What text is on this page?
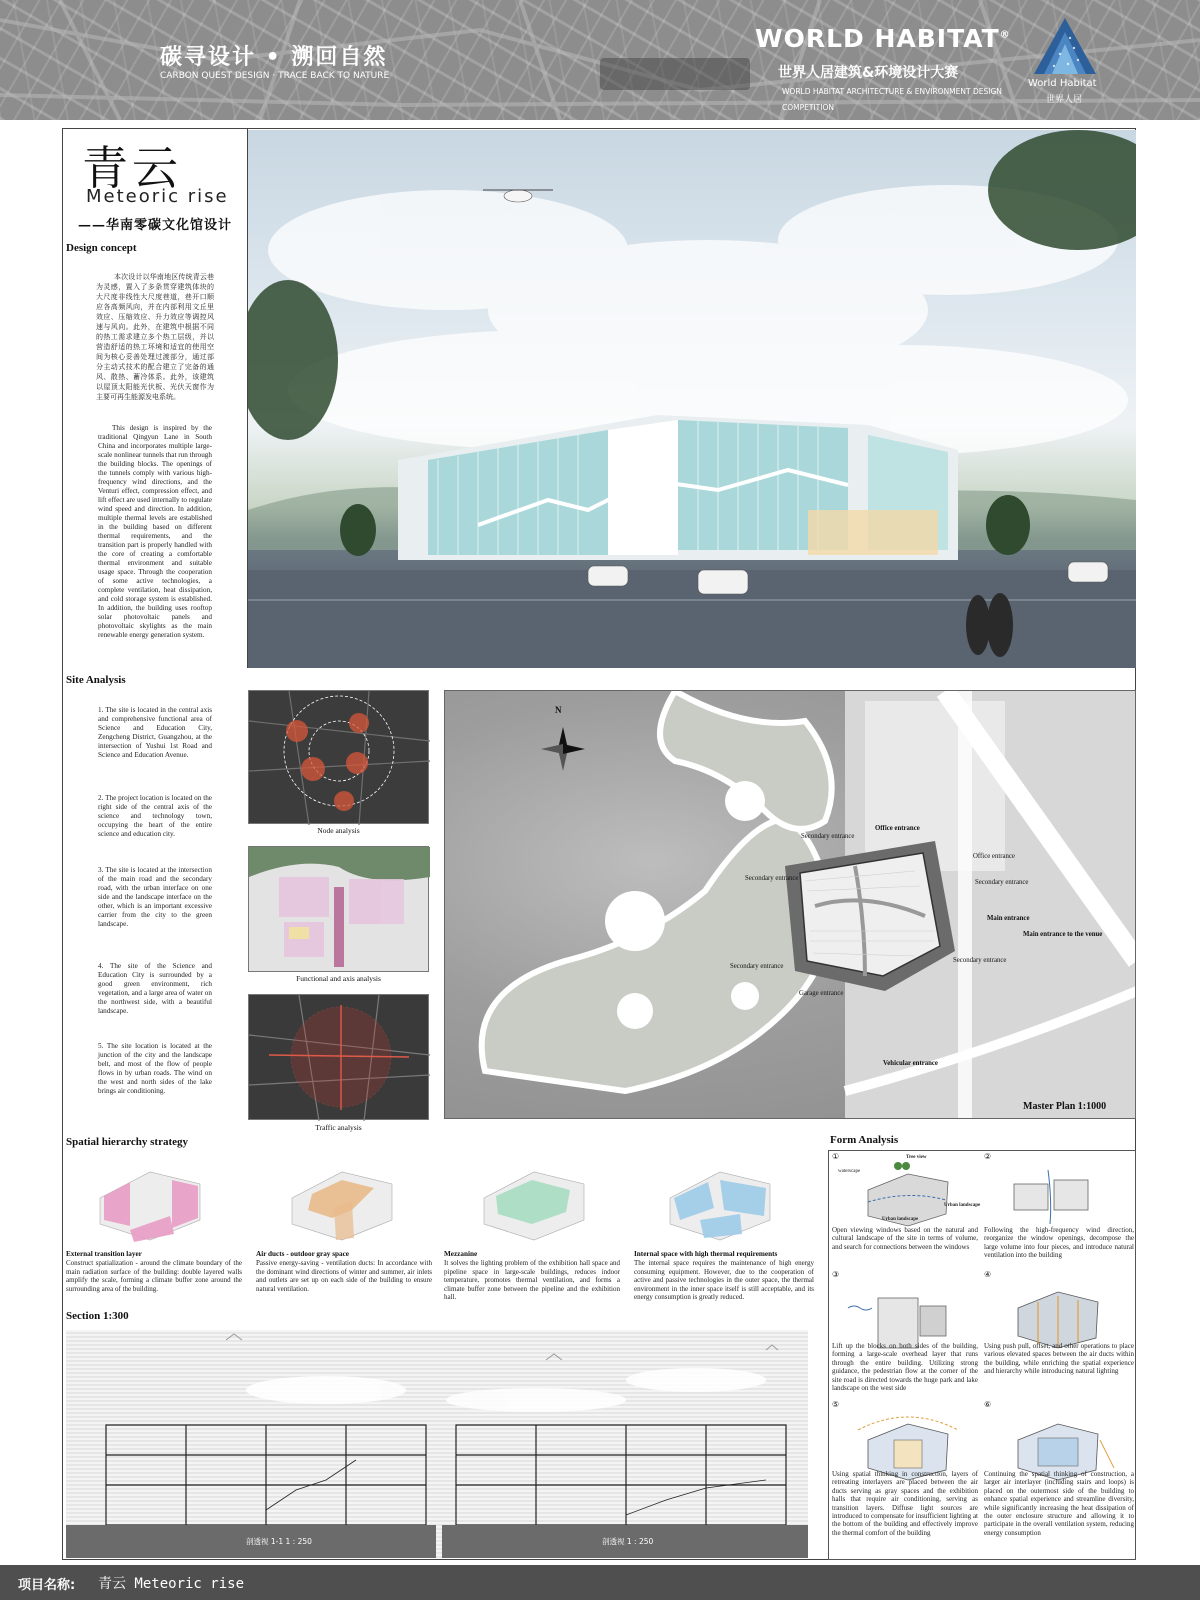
碳寻设计 • 溯回自然
CARBON QUEST DESIGN · TRACE BACK TO NATURE
WORLD HABITAT®
世界人居建筑&环境设计大赛
WORLD HABITAT ARCHITECTURE & ENVIRONMENT DESIGN COMPETITION
World Habitat
世界人居
青云
Meteoric rise
——华南零碳文化馆设计
Design concept
本次设计以华南地区传统青云巷为灵感，置入了多条贯穿建筑体块的大尺度非线性大尺度巷道，巷开口顺应各高频风向，并在内部利用文丘里效应、压缩效应、升力效应等调控风速与风向。此外，在建筑中根据不同的热工需求建立多个热工层级，并以营造舒适的热工环境和适宜的使用空间为核心妥善处理过渡部分，通过部分主动式技术的配合建立了完备的通风、散热、蓄冷体系。此外，该建筑以屋顶太阳能光伏板、光伏天窗作为主要可再生能源发电系统。
This design is inspired by the traditional Qingyun Lane in South China and incorporates multiple large-scale nonlinear tunnels that run through the building blocks. The openings of the tunnels comply with various high-frequency wind directions, and the Venturi effect, compression effect, and lift effect are used internally to regulate wind speed and direction. In addition, multiple thermal levels are established in the building based on different thermal requirements, and the transition part is properly handled with the core of creating a comfortable thermal environment and suitable usage space. Through the cooperation of some active technologies, a complete ventilation, heat dissipation, and cold storage system is established. In addition, the building uses rooftop solar photovoltaic panels and photovoltaic skylights as the main renewable energy generation system.
Site Analysis
1. The site is located in the central axis and comprehensive functional area of Science and Education City, Zengcheng District, Guangzhou, at the intersection of Yushui 1st Road and Science and Education Avenue.
2. The project location is located on the right side of the central axis of the science and technology town, occupying the heart of the entire science and education city.
3. The site is located at the intersection of the main road and the secondary road, with the urban interface on one side and the landscape interface on the other, which is an important excessive carrier from the city to the green landscape.
4. The site of the Science and Education City is surrounded by a good green environment, rich vegetation, and a large area of water on the northwest side, with a beautiful landscape.
5. The site location is located at the junction of the city and the landscape belt, and most of the flow of people flows in by urban roads. The wind on the west and north sides of the lake brings air conditioning.
Node analysis
Functional and axis analysis
Traffic analysis
N
Office entrance
Office entrance
Secondary entrance
Secondary entrance
Secondary entrance
Secondary entrance
Secondary entrance
Main entrance
Main entrance to the venue
Garage entrance
Vehicular entrance
Master Plan 1:1000
Spatial hierarchy strategy
External transition layer
Construct spatialization - around the climate boundary of the main radiation surface of the building: double layered walls amplify the scale, forming a climate buffer zone around the surrounding area of the building.
Air ducts - outdoor gray space
Passive energy-saving - ventilation ducts: In accordance with the dominant wind directions of winter and summer, air inlets and outlets are set up on each side of the building to ensure natural ventilation.
Mezzanine
It solves the lighting problem of the exhibition hall space and pipeline space in large-scale buildings, reduces indoor temperature, promotes thermal ventilation, and forms a climate buffer zone between the pipeline and the exhibition hall.
Internal space with high thermal requirements
The internal space requires the maintenance of high energy consuming equipment. However, due to the cooperation of active and passive technologies in the outer space, the thermal environment in the inner space itself is still acceptable, and its energy consumption is greatly reduced.
Section 1:300
剖透视 1-1 1 : 250	剖透视 1 : 250
Form Analysis
①	②
③	④
⑤	⑥
Open viewing windows based on the natural and cultural landscape of the site in terms of volume, and search for connections between the windows
Following the high-frequency wind direction, reorganize the window openings, decompose the large volume into four pieces, and introduce natural ventilation into the building
Lift up the blocks on both sides of the building, forming a large-scale overhead layer that runs through the entire building. Utilizing strong guidance, the pedestrian flow at the corner of the site road is directed towards the huge park and lake landscape on the west side
Using push pull, offset, and other operations to place various elevated spaces between the air ducts within the building, while enriching the spatial experience and hierarchy while introducing natural lighting
Using spatial thinking in construction, layers of retreating interlayers are placed between the air ducts serving as gray spaces and the exhibition halls that require air conditioning, serving as transition layers. Diffuse light sources are introduced to compensate for insufficient lighting at the bottom of the building and effectively improve the thermal comfort of the building
Continuing the spatial thinking of construction, a larger air interlayer (including stairs and loops) is placed on the outermost side of the building to enhance spatial experience and streamline diversity, while significantly increasing the heat dissipation of the outer enclosure structure and allowing it to participate in the overall ventilation system, reducing energy consumption
Tree view
waterscape
Urban landscape
Urban landscape
项目名称: 青云 Meteoric rise
